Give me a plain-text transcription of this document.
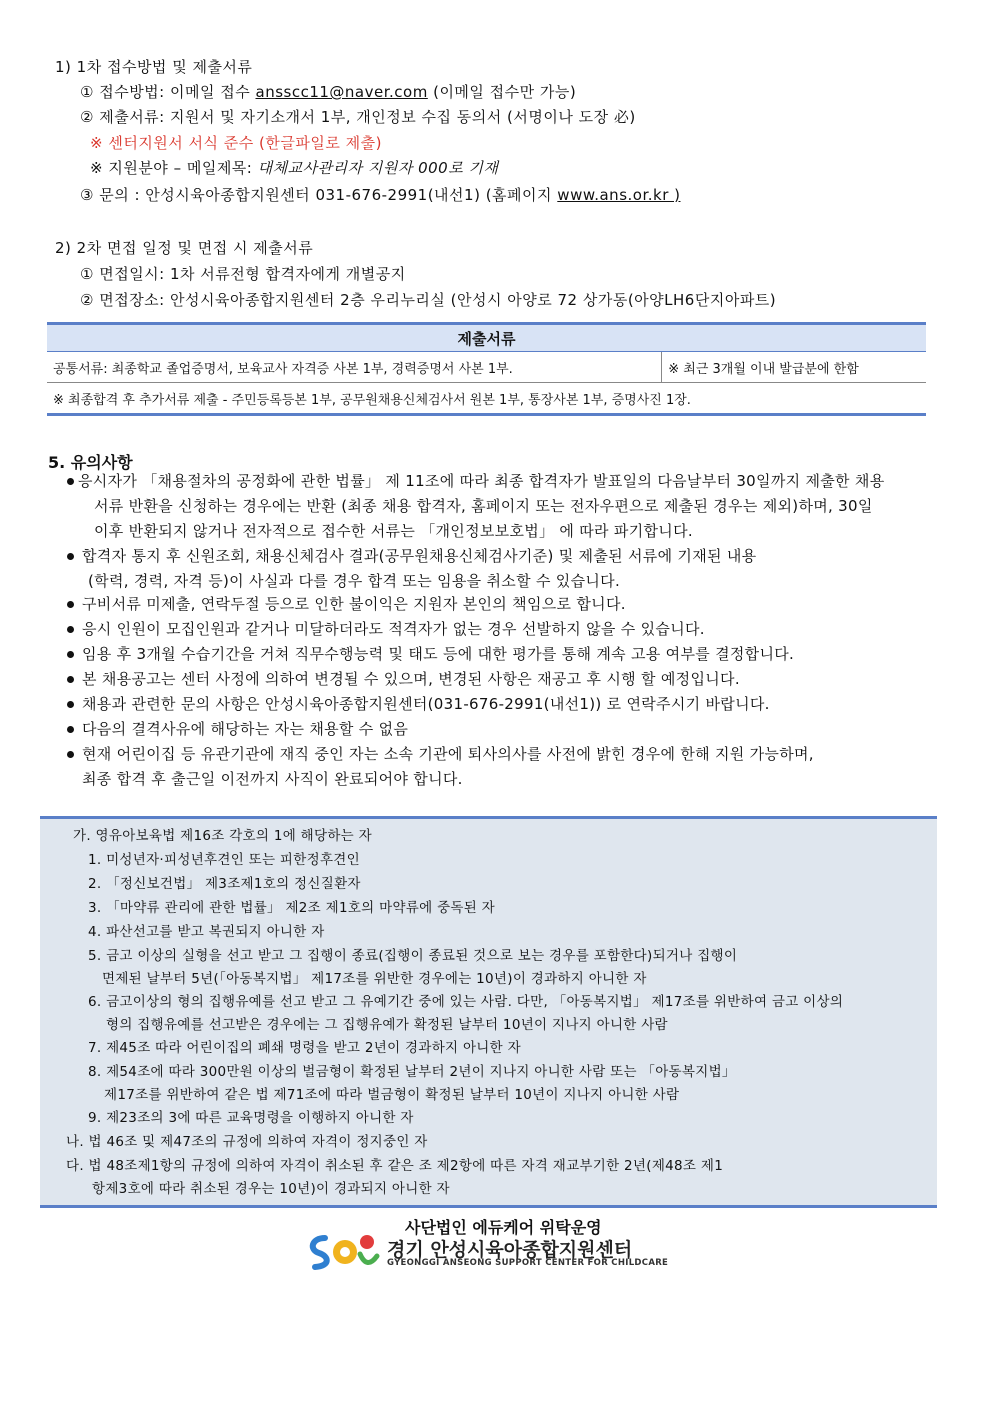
1) 1차 접수방법 및 제출서류
① 접수방법: 이메일 접수 ansscc11@naver.com (이메일 접수만 가능)
② 제출서류: 지원서 및 자기소개서 1부, 개인정보 수집 동의서 (서명이나 도장 必)
※ 센터지원서 서식 준수 (한글파일로 제출)
※ 지원분야 – 메일제목: 대체교사관리자 지원자 000로 기재
③ 문의 : 안성시육아종합지원센터 031-676-2991(내선1) (홈페이지 www.ans.or.kr )
2) 2차 면접 일정 및 면접 시 제출서류
① 면접일시: 1차 서류전형 합격자에게 개별공지
② 면접장소: 안성시육아종합지원센터 2층 우리누리실 (안성시 아양로 72 상가동(아양LH6단지아파트)
제출서류
공통서류: 최종학교 졸업증명서, 보육교사 자격증 사본 1부, 경력증명서 사본 1부.	※ 최근 3개월 이내 발급분에 한함
※ 최종합격 후 추가서류 제출 - 주민등록등본 1부, 공무원채용신체검사서 원본 1부, 통장사본 1부, 증명사진 1장.
5. 유의사항
응시자가 「채용절차의 공정화에 관한 법률」 제 11조에 따라 최종 합격자가 발표일의 다음날부터 30일까지 제출한 채용
서류 반환을 신청하는 경우에는 반환 (최종 채용 합격자, 홈페이지 또는 전자우편으로 제출된 경우는 제외)하며, 30일
이후 반환되지 않거나 전자적으로 접수한 서류는 「개인정보보호법」 에 따라 파기합니다.
합격자 통지 후 신원조회, 채용신체검사 결과(공무원채용신체검사기준) 및 제출된 서류에 기재된 내용
(학력, 경력, 자격 등)이 사실과 다를 경우 합격 또는 임용을 취소할 수 있습니다.
구비서류 미제출, 연락두절 등으로 인한 불이익은 지원자 본인의 책임으로 합니다.
응시 인원이 모집인원과 같거나 미달하더라도 적격자가 없는 경우 선발하지 않을 수 있습니다.
임용 후 3개월 수습기간을 거쳐 직무수행능력 및 태도 등에 대한 평가를 통해 계속 고용 여부를 결정합니다.
본 채용공고는 센터 사정에 의하여 변경될 수 있으며, 변경된 사항은 재공고 후 시행 할 예정입니다.
채용과 관련한 문의 사항은 안성시육아종합지원센터(031-676-2991(내선1)) 로 연락주시기 바랍니다.
다음의 결격사유에 해당하는 자는 채용할 수 없음
현재 어린이집 등 유관기관에 재직 중인 자는 소속 기관에 퇴사의사를 사전에 밝힌 경우에 한해 지원 가능하며,
최종 합격 후 출근일 이전까지 사직이 완료되어야 합니다.
가. 영유아보육법 제16조 각호의 1에 해당하는 자
1. 미성년자·피성년후견인 또는 피한정후견인
2. 「정신보건법」 제3조제1호의 정신질환자
3. 「마약류 관리에 관한 법률」 제2조 제1호의 마약류에 중독된 자
4. 파산선고를 받고 복권되지 아니한 자
5. 금고 이상의 실형을 선고 받고 그 집행이 종료(집행이 종료된 것으로 보는 경우를 포함한다)되거나 집행이
면제된 날부터 5년(「아동복지법」 제17조를 위반한 경우에는 10년)이 경과하지 아니한 자
6. 금고이상의 형의 집행유예를 선고 받고 그 유예기간 중에 있는 사람. 다만, 「아동복지법」 제17조를 위반하여 금고 이상의
형의 집행유예를 선고받은 경우에는 그 집행유예가 확정된 날부터 10년이 지나지 아니한 사람
7. 제45조 따라 어린이집의 폐쇄 명령을 받고 2년이 경과하지 아니한 자
8. 제54조에 따라 300만원 이상의 벌금형이 확정된 날부터 2년이 지나지 아니한 사람 또는 「아동복지법」
제17조를 위반하여 같은 법 제71조에 따라 벌금형이 확정된 날부터 10년이 지나지 아니한 사람
9. 제23조의 3에 따른 교육명령을 이행하지 아니한 자
나. 법 46조 및 제47조의 규정에 의하여 자격이 정지중인 자
다. 법 48조제1항의 규정에 의하여 자격이 취소된 후 같은 조 제2항에 따른 자격 재교부기한 2년(제48조 제1
항제3호에 따라 취소된 경우는 10년)이 경과되지 아니한 자
사단법인 에듀케어 위탁운영
경기 안성시육아종합지원센터
GYEONGGI ANSEONG SUPPORT CENTER FOR CHILDCARE
